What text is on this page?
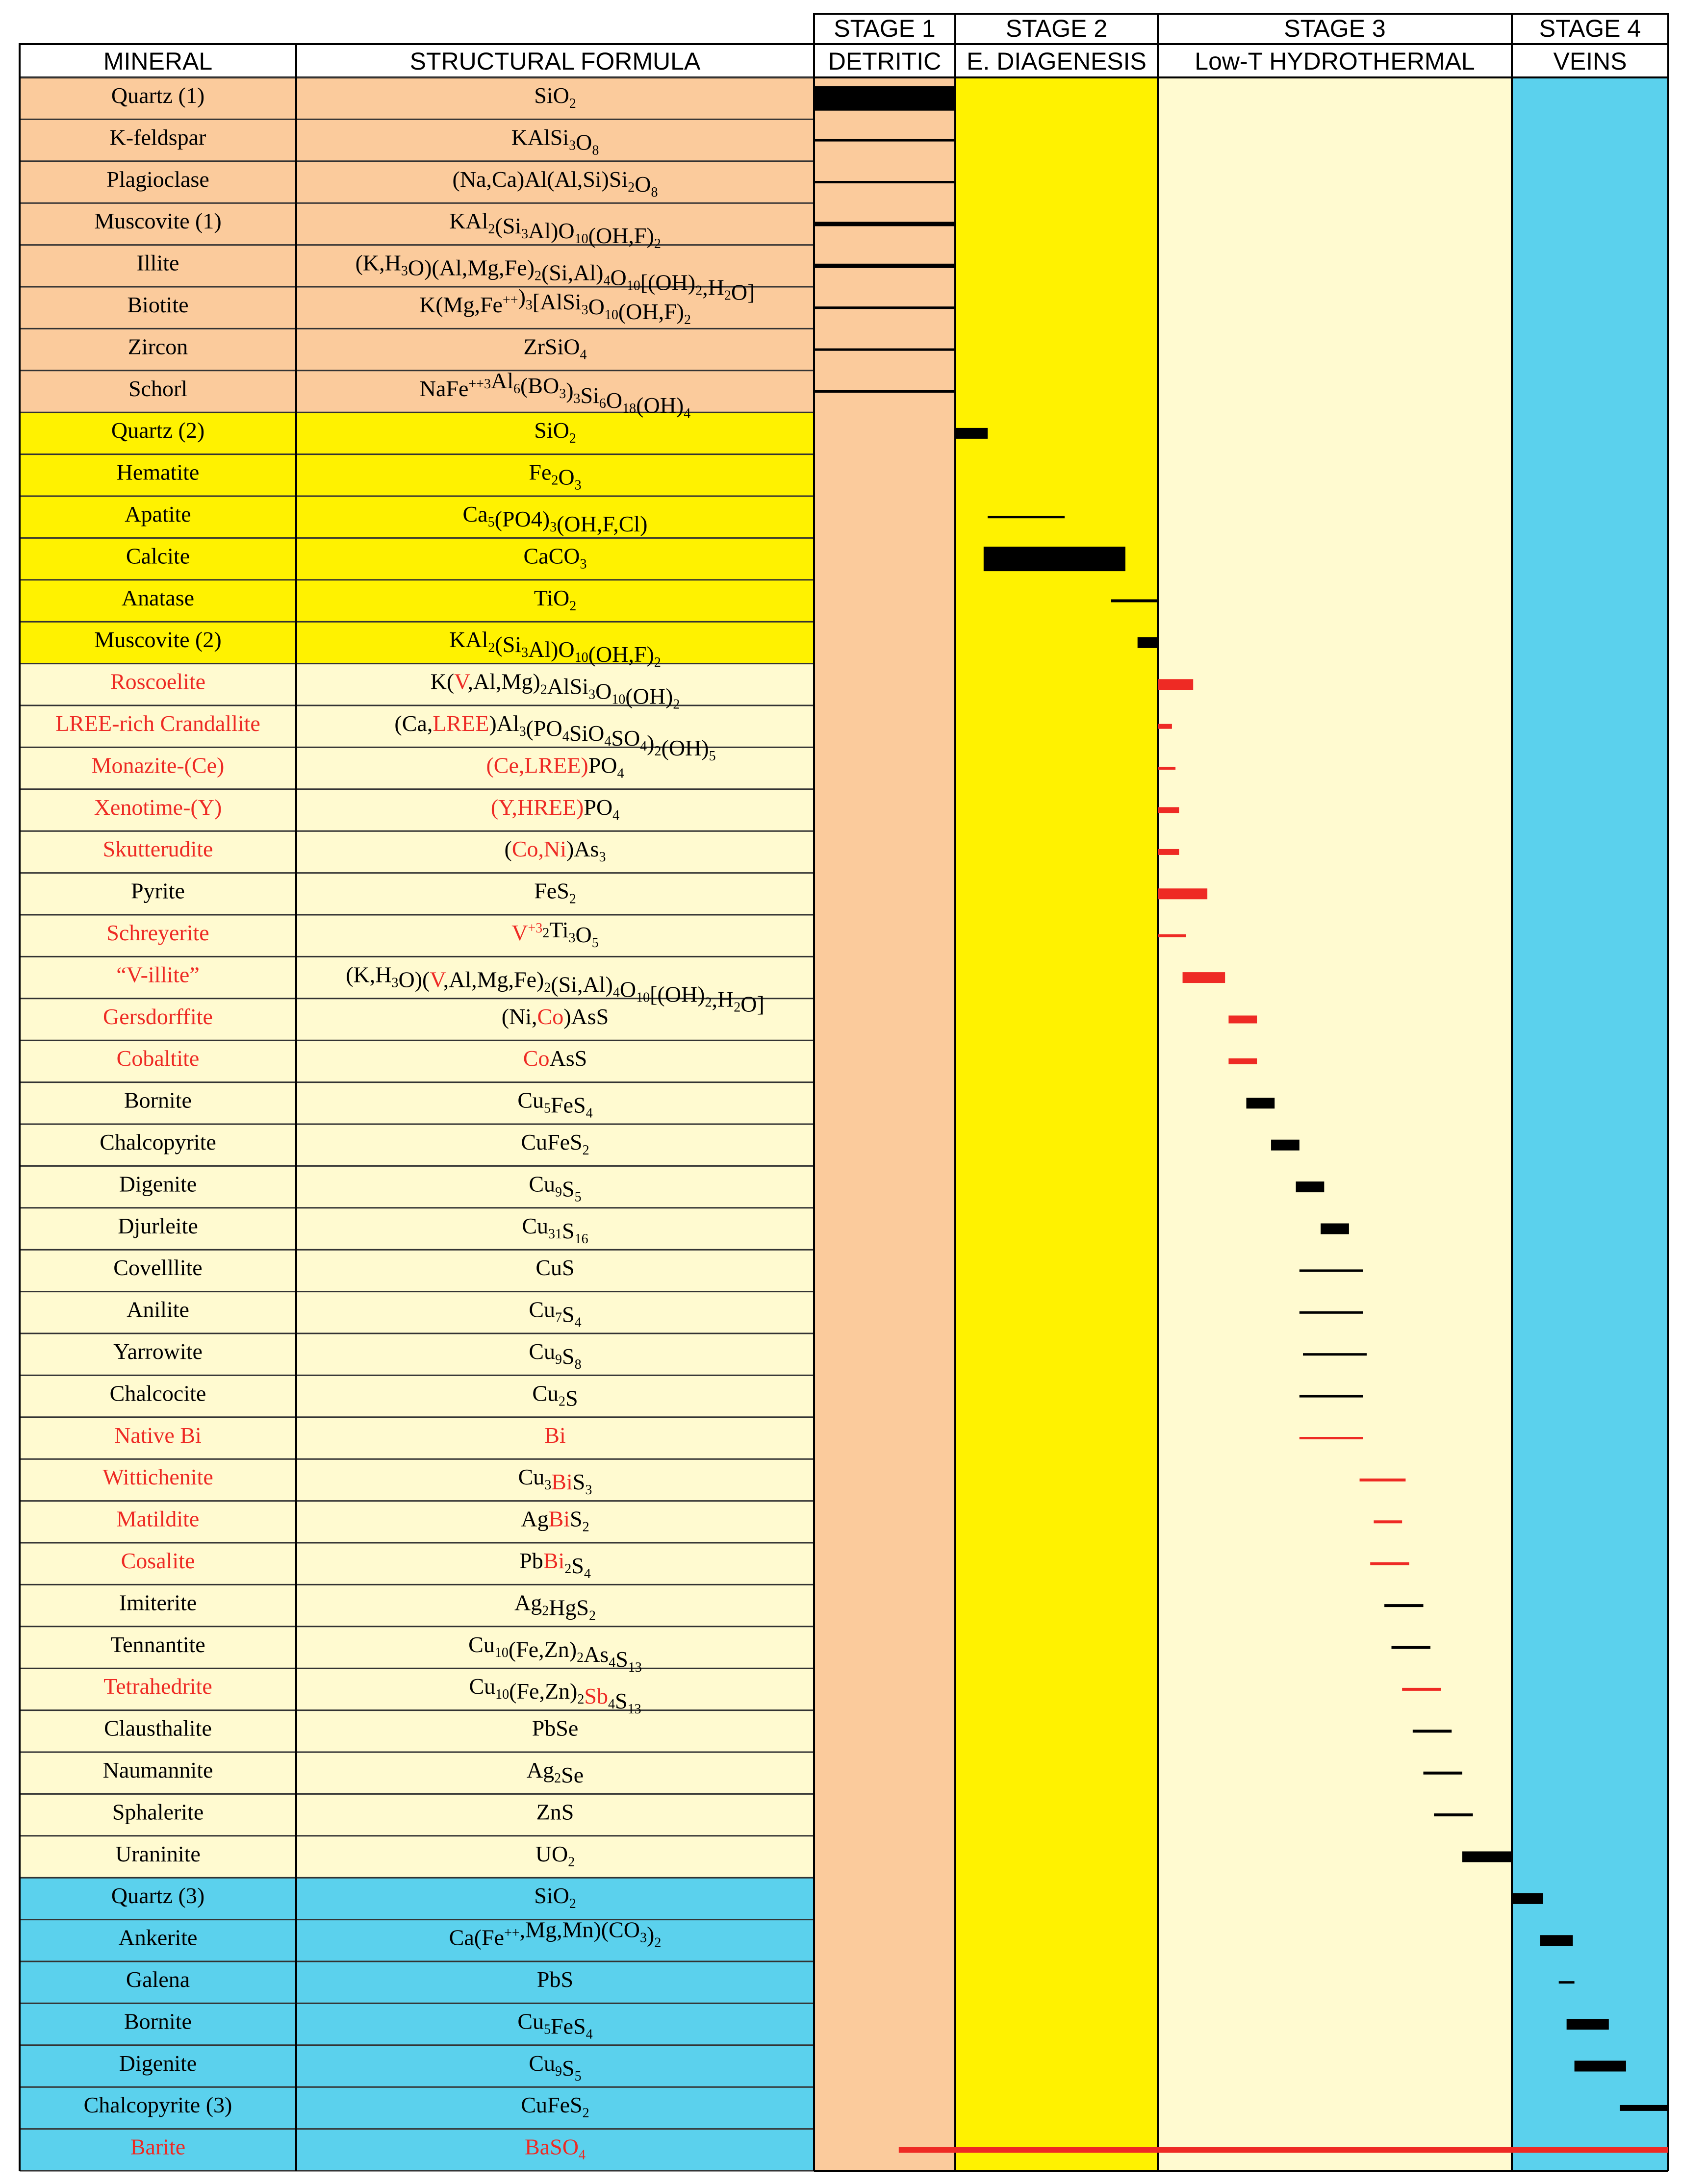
STAGE 1
DETRITIC
STAGE 2
E. DIAGENESIS
STAGE 3
Low-T HYDROTHERMAL
STAGE 4
VEINS
MINERAL	STRUCTURAL FORMULA
Quartz (1)	SiO$_2$
K-feldspar	$KAlSi_3O_8$
Plagioclase	$(Na,Ca)Al(Al,Si)Si_2O_8$
Muscovite (1)	$KAl_2(Si_3Al)O_{10}(OH,F)_2$
Illite	$(K,H_3O)(Al,Mg,Fe)_2(Si,Al)_4O_{10}[(OH)_2,H_2O]$
Biotite	$K(Mg,Fe^{++})_3[AlSi_3O_{10}(OH,F)_2$
Zircon	ZrSiO$_4$
Schorl	$NaFe^{++3}Al_6(BO_3)_3Si_6O_{18}(OH)_4$
Quartz (2)	SiO$_2$
Hematite	$Fe_2O_3$
Apatite	$Ca_5(PO4)_3(OH,F,Cl)$
Calcite	CaCO$_3$
Anatase	TiO$_2$
Muscovite (2)	$KAl_2(Si_3Al)O_{10}(OH,F)_2$
Roscoelite	$K(V,Al,Mg)_2AlSi_3O_{10}(OH)_2$
LREE-rich Crandallite	$(Ca,LREE)Al_3(PO_4SiO_4SO_4)_2(OH)_5$
Monazite-(Ce)	$(Ce,LREE)PO_4$
Xenotime-(Y)	$(Y,HREE)PO_4$
Skutterudite	$(Co,Ni)As_3$
Pyrite	FeS$_2$
Schreyerite	$V^{+3}_2Ti_3O_5$
“V-illite”	$(K,H_3O)(V,Al,Mg,Fe)_2(Si,Al)_4O_{10}[(OH)_2,H_2O]$
Gersdorffite	(Ni,Co)AsS
Cobaltite	CoAsS
Bornite	$Cu_5FeS_4$
Chalcopyrite	CuFeS$_2$
Digenite	$Cu_9S_5$
Djurleite	$Cu_{31}S_{16}$
Covelllite	CuS
Anilite	$Cu_7S_4$
Yarrowite	$Cu_9S_8$
Chalcocite	$Cu_2S$
Native Bi	Bi
Wittichenite	$Cu_3BiS_3$
Matildite	AgBiS$_2$
Cosalite	$PbBi_2S_4$
Imiterite	$Ag_2HgS_2$
Tennantite	$Cu_{10}(Fe,Zn)_2As_4S_{13}$
Tetrahedrite	$Cu_{10}(Fe,Zn)_2Sb_4S_{13}$
Clausthalite	PbSe
Naumannite	$Ag_2Se$
Sphalerite	ZnS
Uraninite	$UO_2$
Quartz (3)	SiO$_2$
Ankerite	$Ca(Fe^{++},Mg,Mn)(CO_3)_2$
Galena	PbS
Bornite	$Cu_5FeS_4$
Digenite	$Cu_9S_5$
Chalcopyrite (3)	CuFeS$_2$
Barite	BaSO$_4$
